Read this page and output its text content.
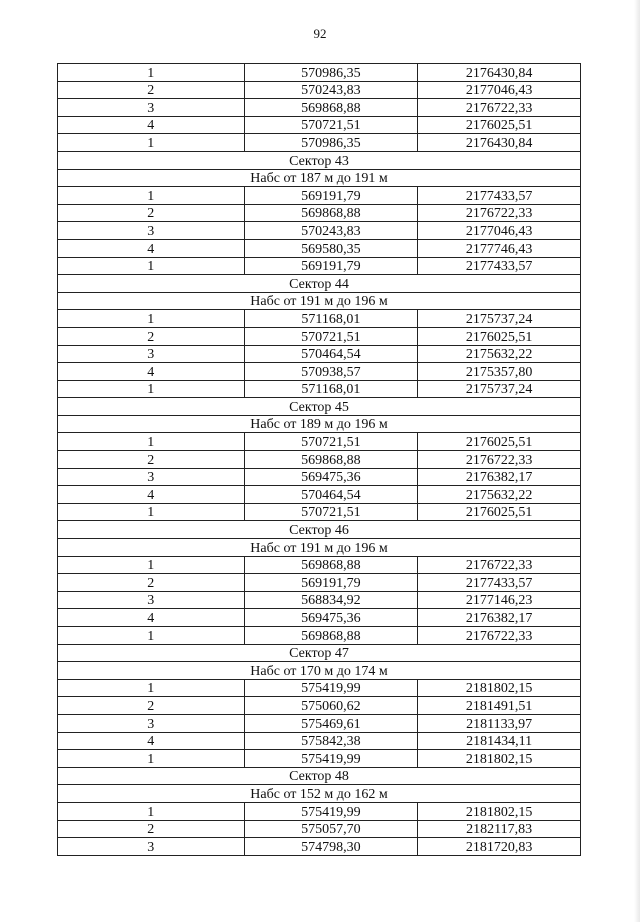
92
1	570986,35	2176430,84
2	570243,83	2177046,43
3	569868,88	2176722,33
4	570721,51	2176025,51
1	570986,35	2176430,84
Сектор 43		
Набс от 187 м до 191 м		
1	569191,79	2177433,57
2	569868,88	2176722,33
3	570243,83	2177046,43
4	569580,35	2177746,43
1	569191,79	2177433,57
Сектор 44		
Набс от 191 м до 196 м		
1	571168,01	2175737,24
2	570721,51	2176025,51
3	570464,54	2175632,22
4	570938,57	2175357,80
1	571168,01	2175737,24
Сектор 45		
Набс от 189 м до 196 м		
1	570721,51	2176025,51
2	569868,88	2176722,33
3	569475,36	2176382,17
4	570464,54	2175632,22
1	570721,51	2176025,51
Сектор 46		
Набс от 191 м до 196 м		
1	569868,88	2176722,33
2	569191,79	2177433,57
3	568834,92	2177146,23
4	569475,36	2176382,17
1	569868,88	2176722,33
Сектор 47		
Набс от 170 м до 174 м		
1	575419,99	2181802,15
2	575060,62	2181491,51
3	575469,61	2181133,97
4	575842,38	2181434,11
1	575419,99	2181802,15
Сектор 48		
Набс от 152 м до 162 м		
1	575419,99	2181802,15
2	575057,70	2182117,83
3	574798,30	2181720,83
